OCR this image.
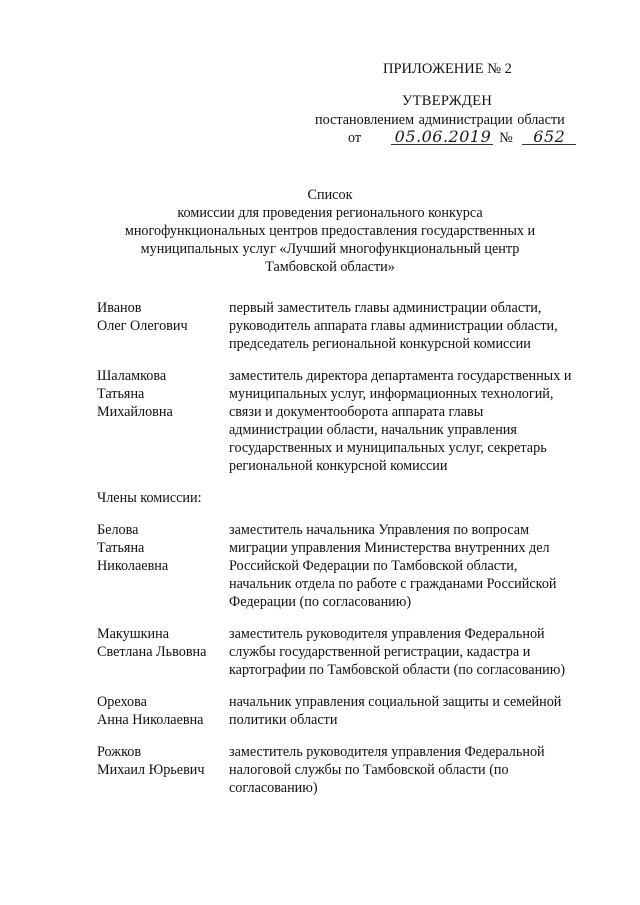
ПРИЛОЖЕНИЕ № 2
УТВЕРЖДЕН
постановлением администрации области
от 05.06.2019 № 652
Список
комиссии для проведения регионального конкурса
многофункциональных центров предоставления государственных и
муниципальных услуг «Лучший многофункциональный центр
Тамбовской области»
Иванов
Олег Олегович
первый заместитель главы администрации области, руководитель аппарата главы администрации области, председатель региональной конкурсной комиссии
Шаламкова
Татьяна
Михайловна
заместитель директора департамента государственных и муниципальных услуг, информационных технологий, связи и документооборота аппарата главы администрации области, начальник управления государственных и муниципальных услуг, секретарь региональной конкурсной комиссии
Члены комиссии:
Белова
Татьяна
Николаевна
заместитель начальника Управления по вопросам миграции управления Министерства внутренних дел Российской Федерации по Тамбовской области, начальник отдела по работе с гражданами Российской Федерации (по согласованию)
Макушкина
Светлана Львовна
заместитель руководителя управления Федеральной службы государственной регистрации, кадастра и картографии по Тамбовской области (по согласованию)
Орехова
Анна Николаевна
начальник управления социальной защиты и семейной политики области
Рожков
Михаил Юрьевич
заместитель руководителя управления Федеральной налоговой службы по Тамбовской области (по согласованию)
